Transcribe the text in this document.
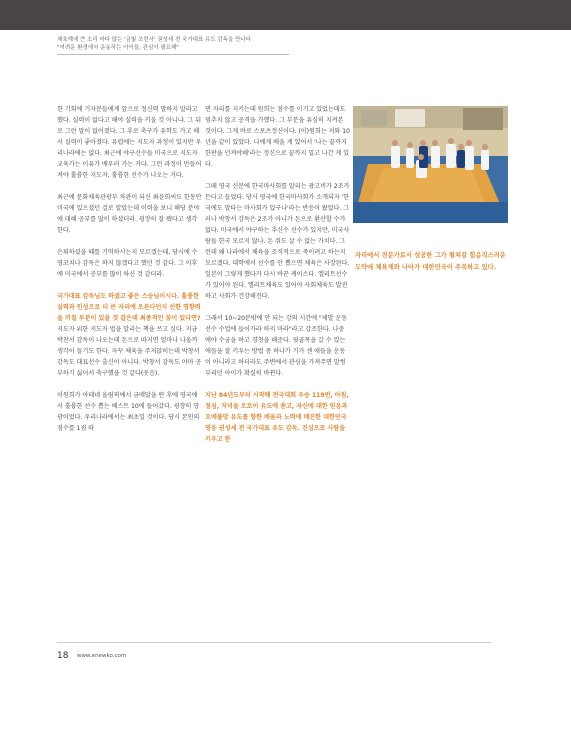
체육계에 큰 소리 마다 않는 '금빛 조련사' 권성세 전 국가대표 유도 감독을 만나다
"여려운 환경에서 운동하는 아이들, 관심이 필요해"

한 기회에 기자분들에게 앞으로 정신력 말하지 말라고 했다. 실력이 없다고 해야 실력을 키울 것 아니냐. 그 뒤로 그런 말이 없어졌다. 그 후로 축구가 유학도 가고 해서 실력이 좋아졌다. 유럽에는 지도자 과정이 있지만 우리나라에는 없다. 최근에 야구선수들 미국으로 지도자 교육가는 이유가 배우러 가는 거다. 그런 과정이 만들어 져야 훌륭한 지도자, 훌륭한 선수가 나오는 거다.

최근에 문화체육관광부 차관이 되신 최윤희씨도 한동안 미국에 있으셨던 걸로 알았는데 이력을 보니 해당 분야에 대해 공부를 많이 하셨더라. 굉장히 잘 됐다고 생각한다.

은퇴하셨을 때를 기억하시는지 모르겠는데, 당시에 수영코치나 감독은 하지 않겠다고 했던 것 같다. 그 이후에 미국에서 공부를 많이 하신 것 같더라.

국가대표 감독님도 하셨고 좋은 스승님이시다. 훌륭한 실력과 인성으로 더 큰 자리에 오른다던지 선한 영향력을 끼칠 부분이 있을 것 같은데 최종적인 꿈이 있다면?

지도자 위한 지도자 법을 알리는 책을 쓰고 싶다. 지금 박찬서 감독이 나오는데 돈으로 따지면 얼마나 나올까 생각이 들기도 한다. 자꾸 체육을 주저앉히는데 박창서 감독도 대표선수 출신이 아니다. 박창서 감독도 아마 공부하기 싫어서 축구했을 것 같다(웃음).

이원희가 아테네 올림픽에서 금메달을 딴 후에 영국에서 훌륭한 선수 뽑는 베스트 10에 들어갔다. 굉장히 영광이었다. 우리나라에서는 최초일 것이다. 당시 본인의 점수를 1점 따

면 자리를 지키는데 원희는 점수를 이기고 있었는데도 멈추지 않고 공격을 가했다. 그 부분을 유심히 지켜본 것이다. 그게 바로 스포츠정신이다. (이)원희는 저와 10년을 같이 있었다. 나에게 배울 게 있어서 '나는 끝까지 한판을 던져야해'라는 정신으로 끝까지 밀고 나간 게 있다.

그때 영국 신문에 한국마사회를 알리는 광고비가 2조가 든다고 들었다. 당시 영국에 한국마사회가 소개되자 '한국에도 말타는 마사회가 있구나'라는 반응이 왔었다. 그러나 박창서 감독은 2조가 아니가 돈으로 환산할 수가 없다. 미국에서 야구하는 추신수 선수가 있지만, 미국사람들 한국 모르지 않나. 돈 줘도 살 수 없는 가치다. 그런데 왜 나라에서 체육을 조직적으로 죽이려고 하는지 모르겠다. 대학에서 선수를 안 뽑으면 체육은 사장된다. 일본이 그렇게 했다가 다시 바꾼 케이스다. 엘리트선수가 있어야 된다. 엘리트체육도 있어야 사회체육도 발전하고 사회가 건강해진다.

그래서 10~20분밖에 안 되는 강의 시간에 "제발 운동선수 수업에 들어가라 하지 마라"라고 강조한다. 나중에야 수궁을 하고 경청을 해준다. 뒷골목을 갈 수 있는 애들을 잘 키우는 방법 중 하나가 기가 센 애들을 운동이 아니라고 하더라도 주변에서 관심을 가져주면 말썽부리던 아이가 확실히 바뀐다.

지난 84년도부터 시작해 전국대회 우승 119번, 아침, 점심, 저녁을 오로이 유도에 쏟고, 자신에 대한 믿음과 오메불망 유도를 향한 배움과 노력에 매진한 대한민국 영웅 권성세 전 국가대표 유도 감독. 진심으로 사람을 키우고 한

자리에서 전문가로서 성공한 그가 펼쳐갈 힘음직스러운 도약에 체육계와 나아가 대한민국이 주목하고 있다.
18 www.enewko.com
